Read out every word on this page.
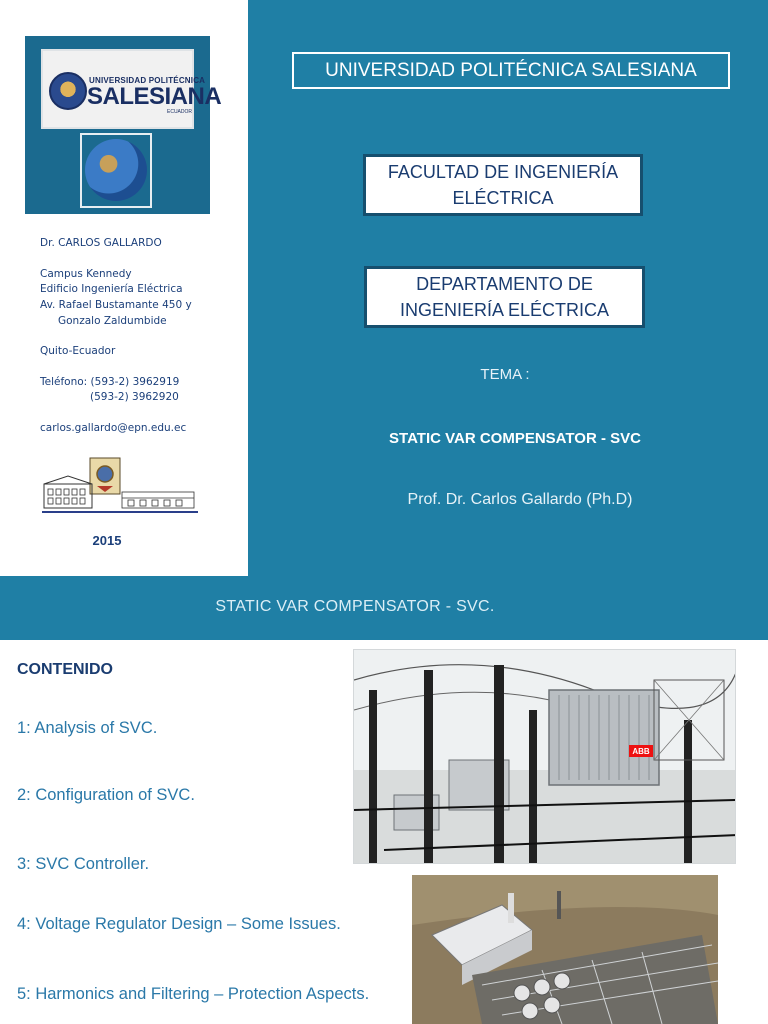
UNIVERSIDAD POLITÉCNICA
SALESIANA
ECUADOR
Dr. CARLOS GALLARDO
Campus Kennedy
Edificio Ingeniería Eléctrica
Av. Rafael Bustamante 450 y
Gonzalo Zaldumbide
Quito-Ecuador
Teléfono: (593-2) 3962919
(593-2) 3962920
carlos.gallardo@epn.edu.ec
2015
UNIVERSIDAD POLITÉCNICA SALESIANA
FACULTAD DE INGENIERÍA ELÉCTRICA
DEPARTAMENTO DE INGENIERÍA ELÉCTRICA
TEMA :
STATIC VAR COMPENSATOR - SVC
Prof. Dr. Carlos Gallardo (Ph.D)
STATIC VAR COMPENSATOR - SVC.
CONTENIDO
1: Analysis of SVC.
2: Configuration of SVC.
3: SVC Controller.
4: Voltage Regulator Design – Some Issues.
5: Harmonics and Filtering – Protection Aspects.
ABB
